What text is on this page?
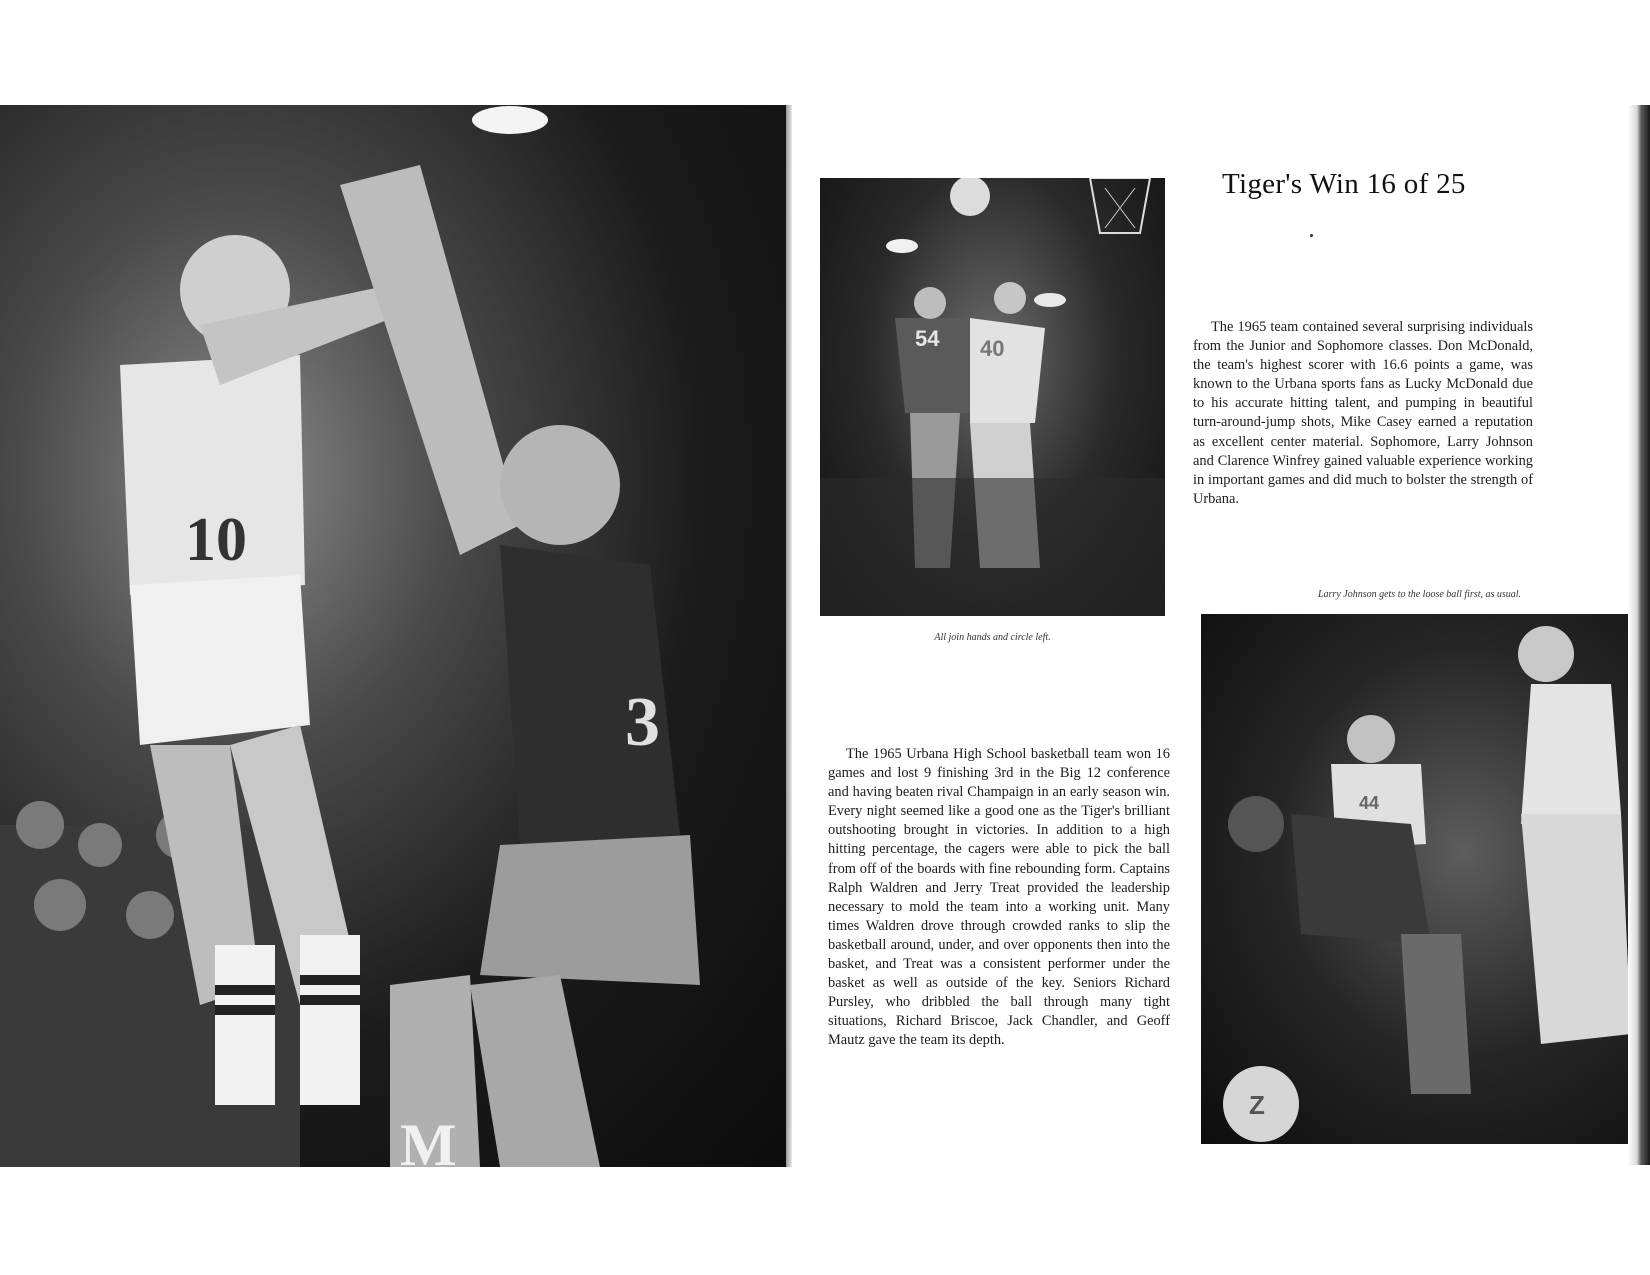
10
3
M
Tiger's Win 16 of 25
54 40
All join hands and circle left.
The 1965 team contained several surprising individuals from the Junior and Sophomore classes. Don McDonald, the team's highest scorer with 16.6 points a game, was known to the Urbana sports fans as Lucky McDonald due to his accurate hitting talent, and pumping in beautiful turn-around-jump shots, Mike Casey earned a reputation as excellent center material. Sophomore, Larry Johnson and Clarence Winfrey gained valuable experience working in important games and did much to bolster the strength of Urbana.
The 1965 Urbana High School basketball team won 16 games and lost 9 finishing 3rd in the Big 12 conference and having beaten rival Champaign in an early season win. Every night seemed like a good one as the Tiger's brilliant outshooting brought in victories. In addition to a high hitting percentage, the cagers were able to pick the ball from off of the boards with fine rebounding form. Captains Ralph Waldren and Jerry Treat provided the leadership necessary to mold the team into a working unit. Many times Waldren drove through crowded ranks to slip the basketball around, under, and over opponents then into the basket, and Treat was a consistent performer under the basket as well as outside of the key. Seniors Richard Pursley, who dribbled the ball through many tight situations, Richard Briscoe, Jack Chandler, and Geoff Mautz gave the team its depth.
Larry Johnson gets to the loose ball first, as usual.
Z
44
